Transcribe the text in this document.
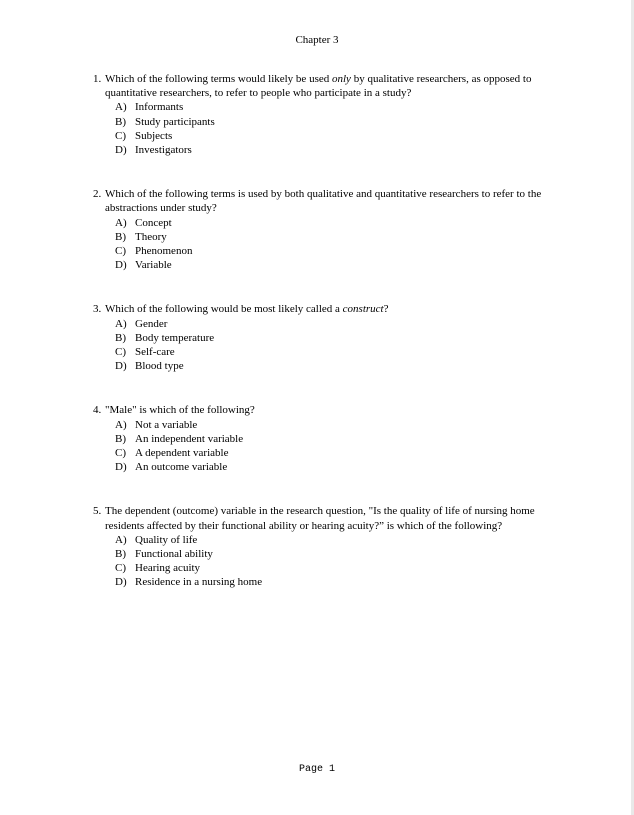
Chapter 3
1. Which of the following terms would likely be used only by qualitative researchers, as opposed to quantitative researchers, to refer to people who participate in a study?

A) Informants
B) Study participants
C) Subjects
D) Investigators
2. Which of the following terms is used by both qualitative and quantitative researchers to refer to the abstractions under study?

A) Concept
B) Theory
C) Phenomenon
D) Variable
3. Which of the following would be most likely called a construct?

A) Gender
B) Body temperature
C) Self-care
D) Blood type
4. "Male" is which of the following?

A) Not a variable
B) An independent variable
C) A dependent variable
D) An outcome variable
5. The dependent (outcome) variable in the research question, "Is the quality of life of nursing home residents affected by their functional ability or hearing acuity?” is which of the following?

A) Quality of life
B) Functional ability
C) Hearing acuity
D) Residence in a nursing home
Page 1
